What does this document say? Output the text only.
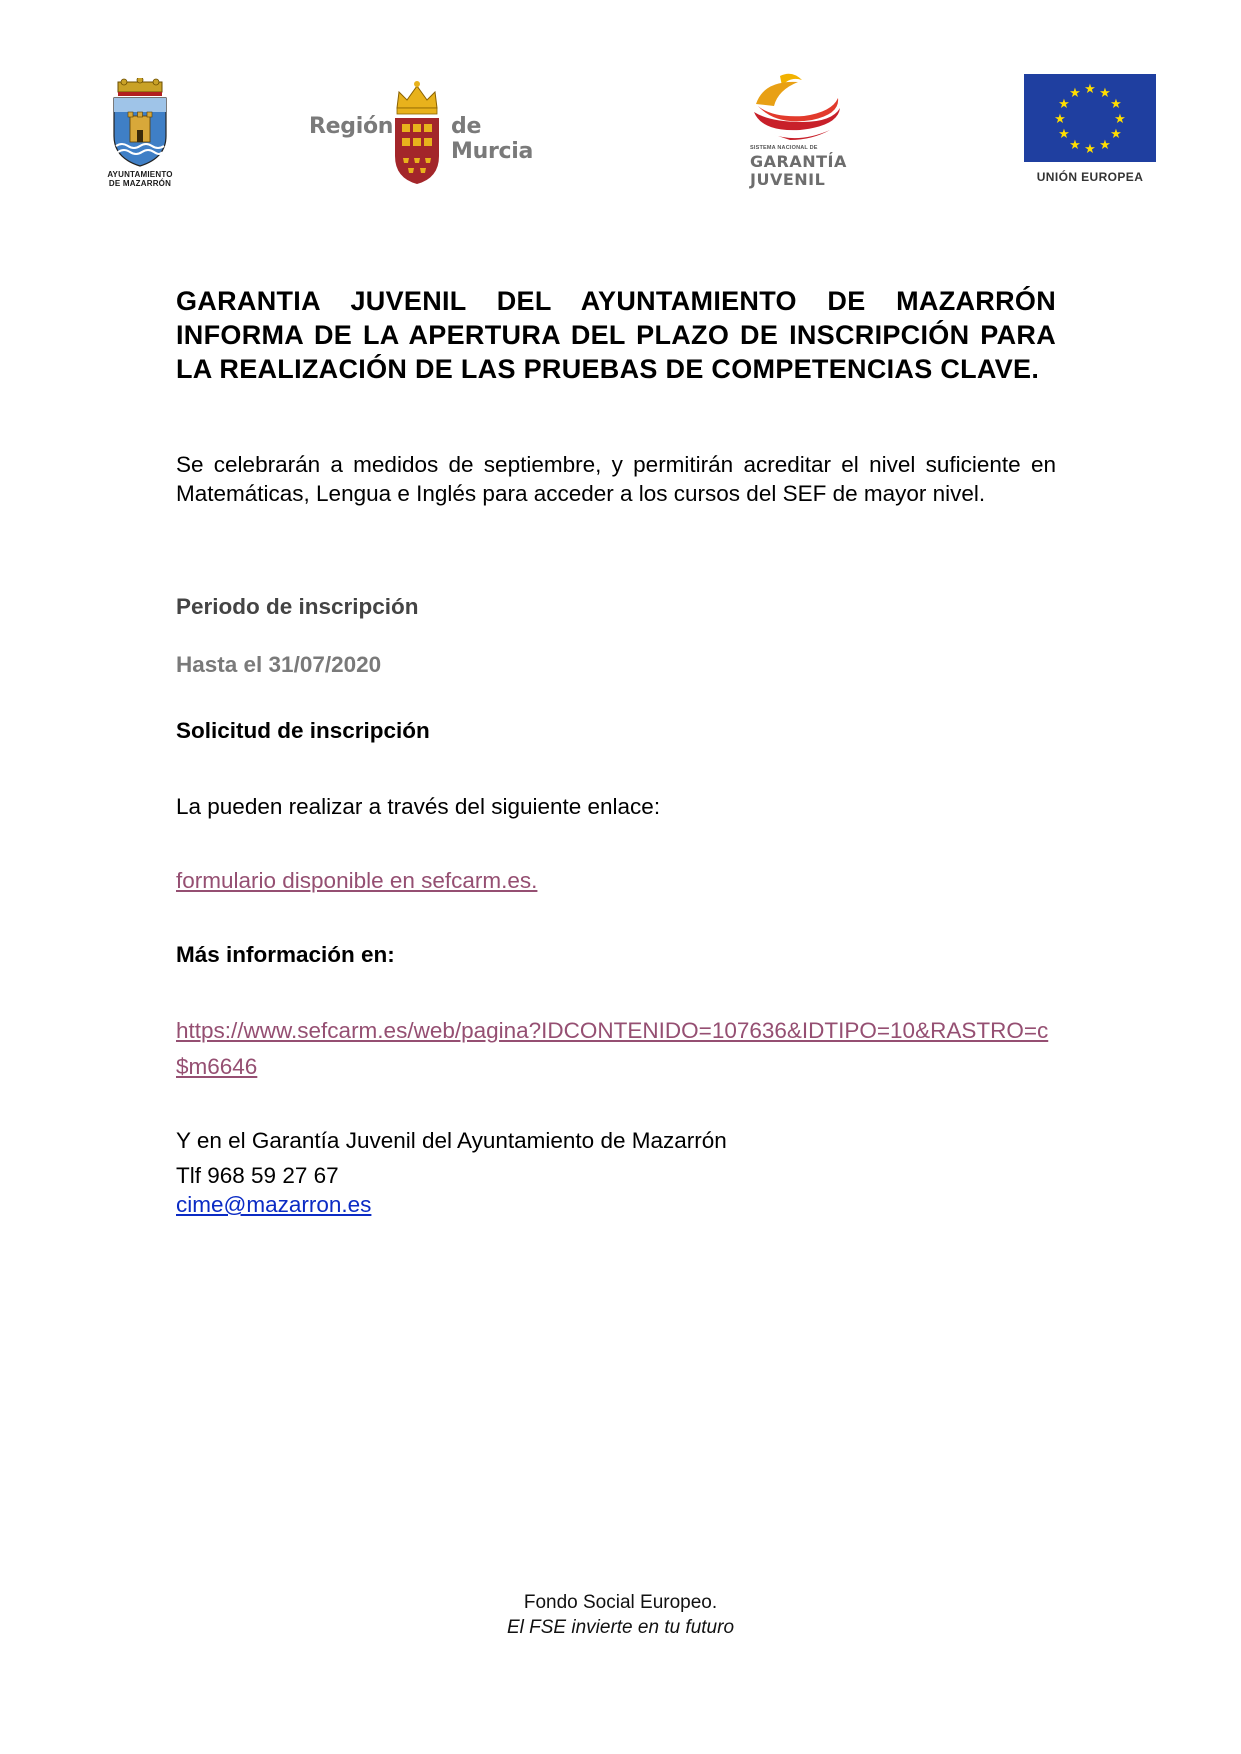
AYUNTAMIENTO
DE MAZARRÓN
Región	de Murcia	SISTEMA NACIONAL DE
GARANTÍA
JUVENIL
★ ★
★
★
★
★
★
★
★
★
★
★
UNIÓN EUROPEA
GARANTIA JUVENIL DEL AYUNTAMIENTO DE MAZARRÓN INFORMA DE LA APERTURA DEL PLAZO DE INSCRIPCIÓN PARA LA REALIZACIÓN DE LAS PRUEBAS DE COMPETENCIAS CLAVE.
Se celebrarán a medidos de septiembre, y permitirán acreditar el nivel suficiente en Matemáticas, Lengua e Inglés para acceder a los cursos del SEF de mayor nivel.
Periodo de inscripción
Hasta el 31/07/2020
Solicitud de inscripción
La pueden realizar a través del siguiente enlace:
formulario disponible en sefcarm.es.
Más información en:
https://www.sefcarm.es/web/pagina?IDCONTENIDO=107636&IDTIPO=10&RASTRO=c$m6646
Y en el Garantía Juvenil del Ayuntamiento de Mazarrón
Tlf 968 59 27 67
cime@mazarron.es
Fondo Social Europeo.
El FSE invierte en tu futuro
